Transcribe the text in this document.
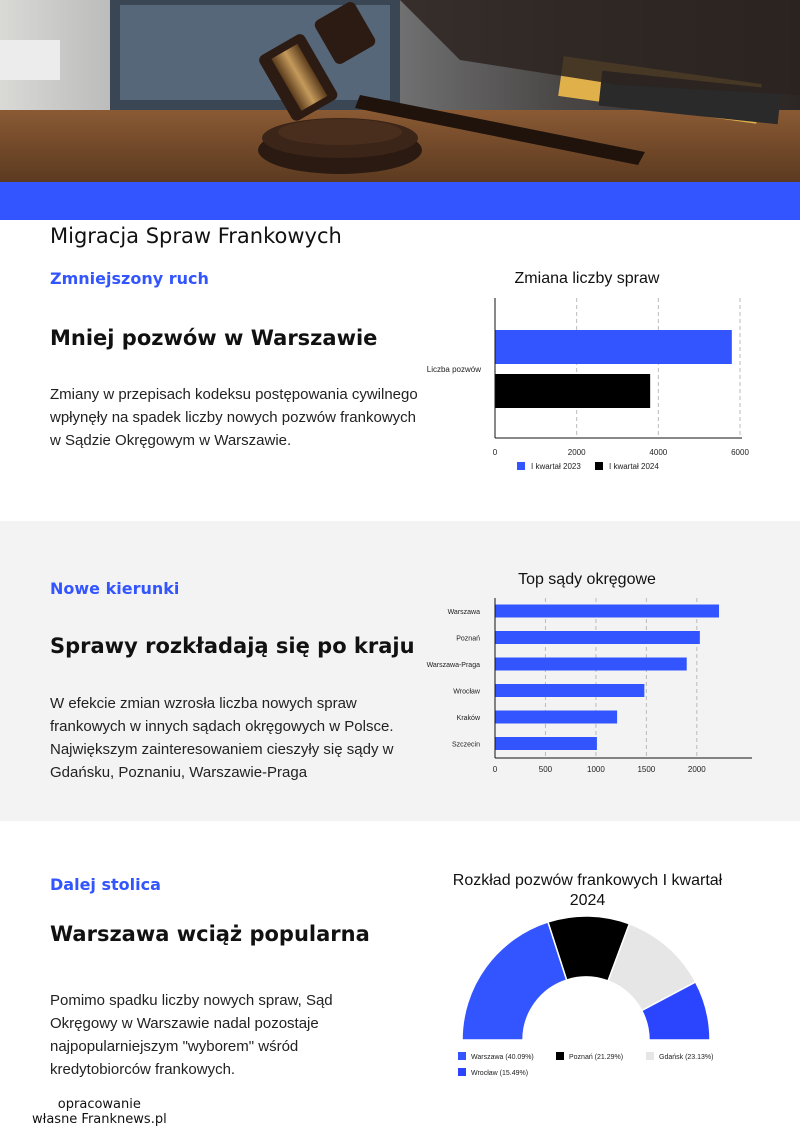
Migracja Spraw Frankowych
Zmniejszony ruch
Mniej pozwów w Warszawie
Zmiany w przepisach kodeksu postępowania cywilnego
wpłynęły na spadek liczby nowych pozwów frankowych
w Sądzie Okręgowym w Warszawie.
Zmiana liczby spraw
0	2000	4000	6000
Liczba pozwów
I kwartał 2023	I kwartał 2024
Nowe kierunki
Sprawy rozkładają się po kraju
W efekcie zmian wzrosła liczba nowych spraw
frankowych w innych sądach okręgowych w Polsce.
Największym zainteresowaniem cieszyły się sądy w
Gdańsku, Poznaniu, Warszawie-Praga
Top sądy okręgowe
0	500	1000	1500	2000
Warszawa
Poznań
Warszawa-Praga
Wrocław
Kraków
Szczecin
Dalej stolica
Warszawa wciąż popularna
Pomimo spadku liczby nowych spraw, Sąd
Okręgowy w Warszawie nadal pozostaje
najpopularniejszym "wyborem" wśród
kredytobiorców frankowych.
Rozkład pozwów frankowych I kwartał
2024
Warszawa (40.09%)	Poznań (21.29%)	Gdańsk (23.13%)
Wrocław (15.49%)
opracowanie
własne Franknews.pl
